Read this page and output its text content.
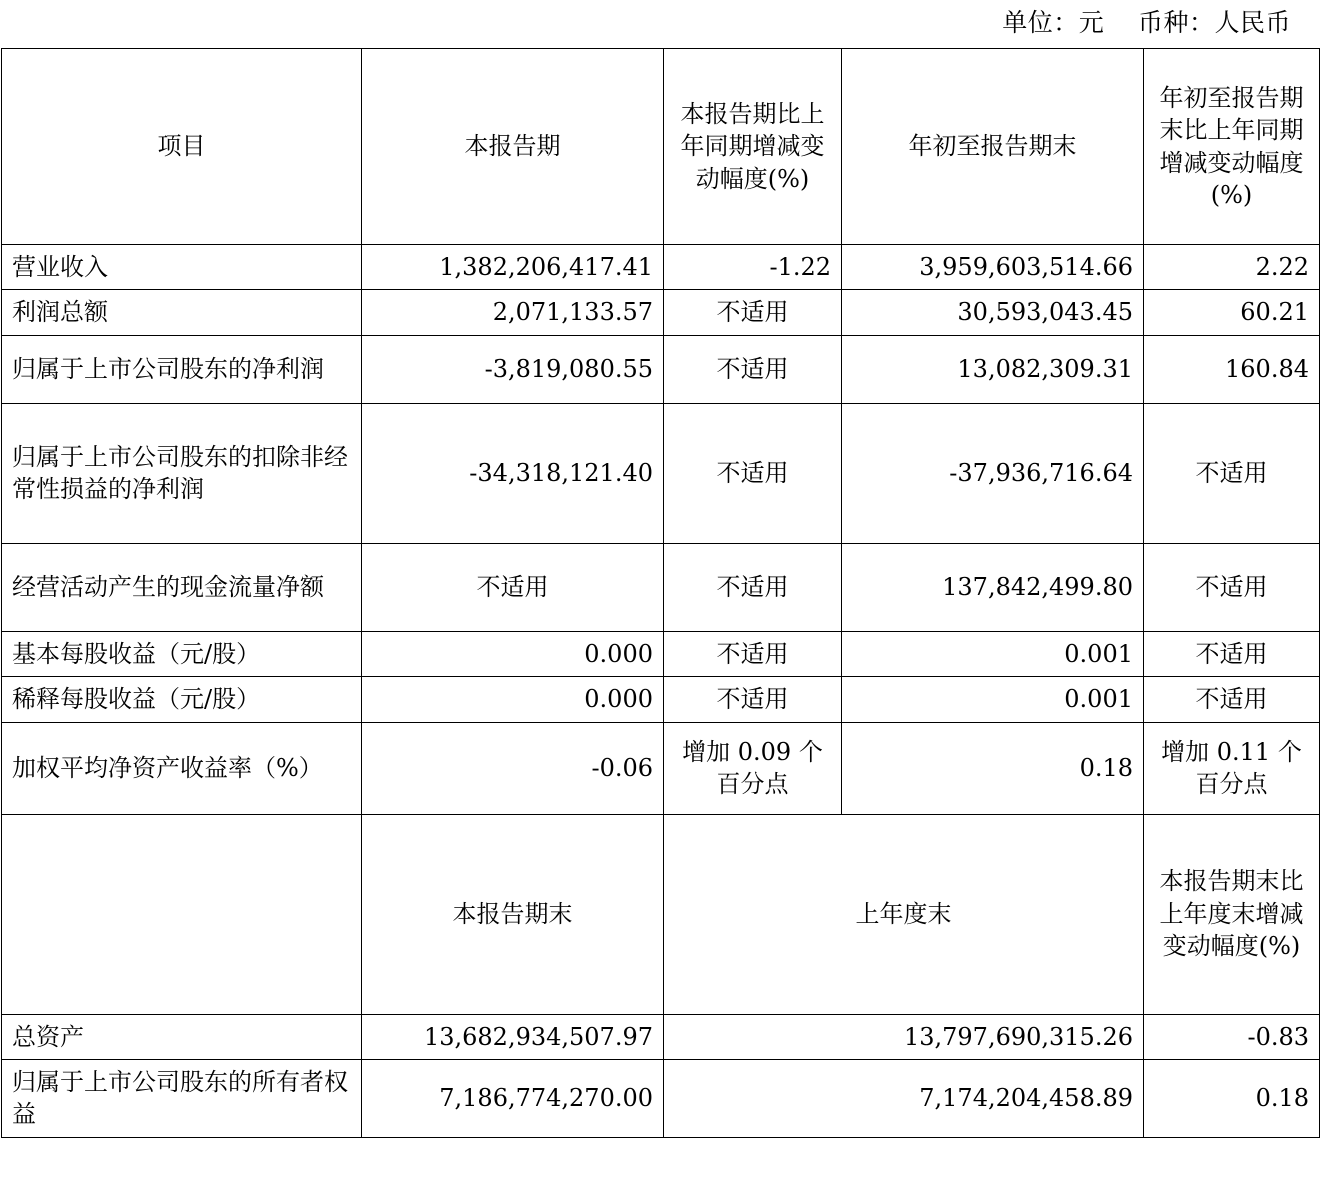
单位：元    币种：人民币
项目	本报告期	本报告期比上年同期增减变动幅度(%)	年初至报告期末	年初至报告期末比上年同期增减变动幅度(%)
营业收入	1,382,206,417.41	-1.22	3,959,603,514.66	2.22
利润总额	2,071,133.57	不适用	30,593,043.45	60.21
归属于上市公司股东的净利润	-3,819,080.55	不适用	13,082,309.31	160.84
归属于上市公司股东的扣除非经常性损益的净利润	-34,318,121.40	不适用	-37,936,716.64	不适用
经营活动产生的现金流量净额	不适用	不适用	137,842,499.80	不适用
基本每股收益（元/股）	0.000	不适用	0.001	不适用
稀释每股收益（元/股）	0.000	不适用	0.001	不适用
加权平均净资产收益率（%）	-0.06	增加 0.09 个百分点	0.18	增加 0.11 个百分点
	本报告期末	上年度末		本报告期末比上年度末增减变动幅度(%)
总资产	13,682,934,507.97	13,797,690,315.26		-0.83
归属于上市公司股东的所有者权益	7,186,774,270.00	7,174,204,458.89		0.18
